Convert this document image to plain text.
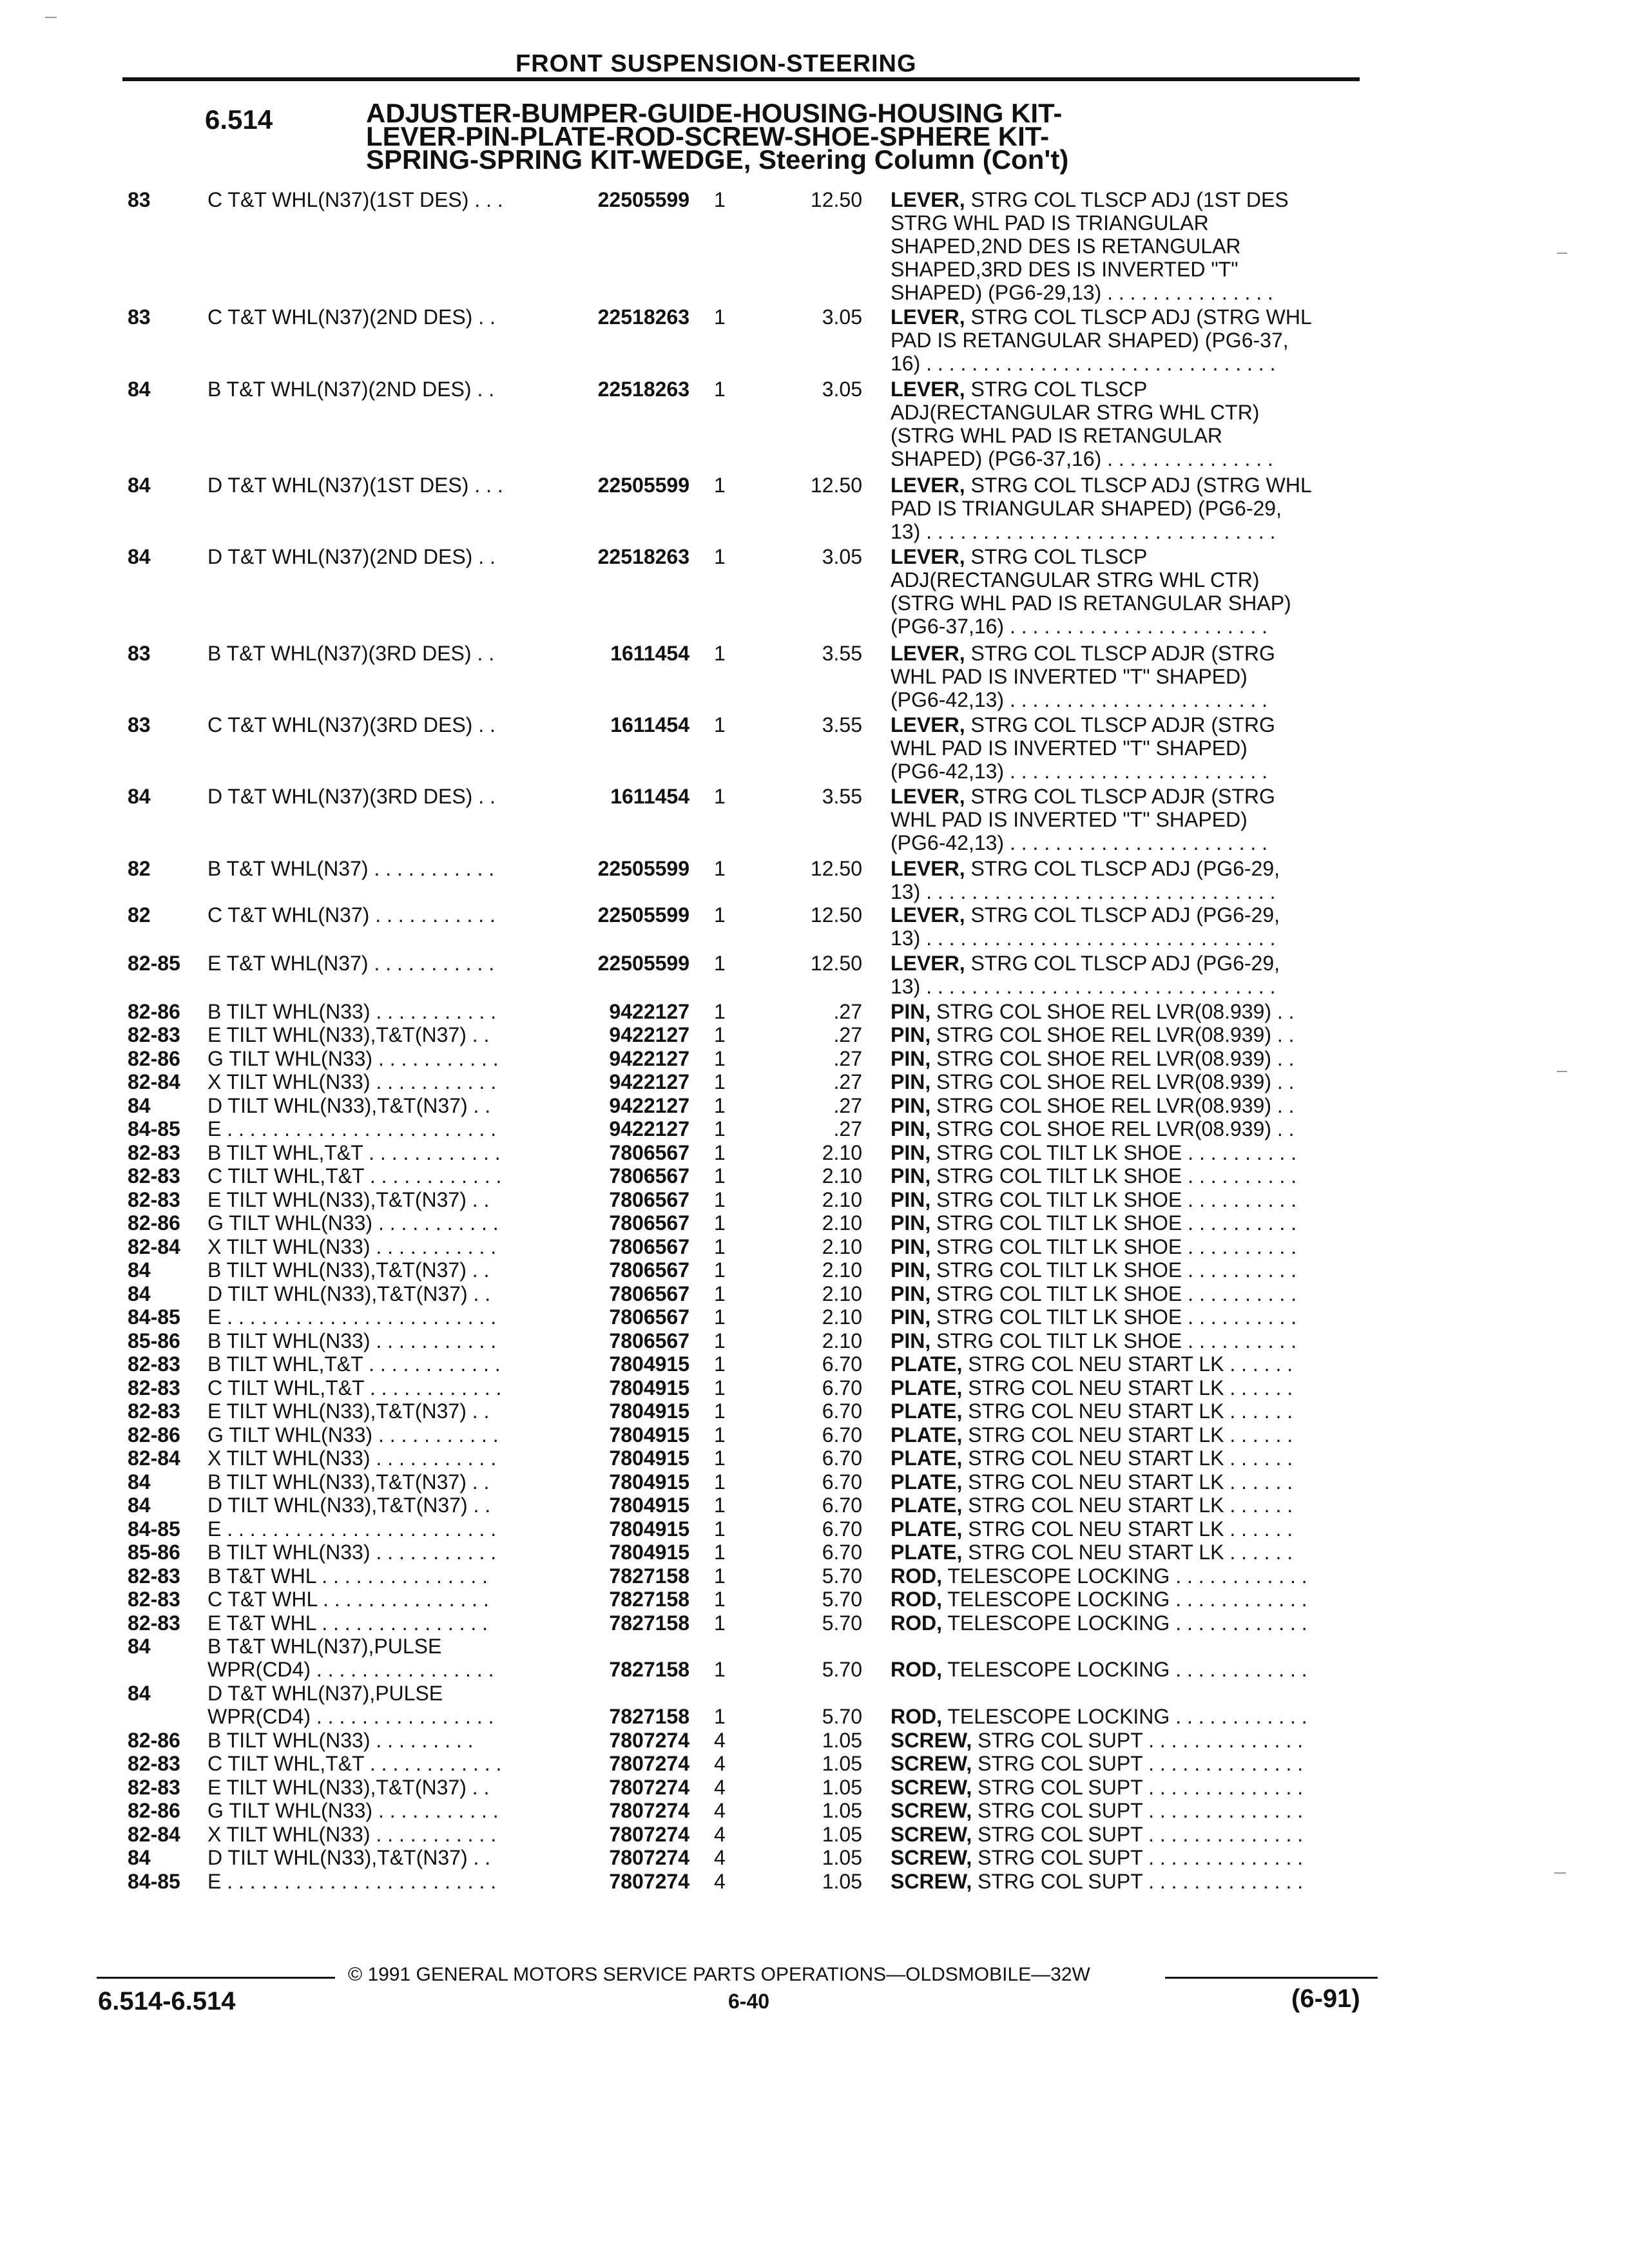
FRONT SUSPENSION-STEERING
6.514	ADJUSTER-BUMPER-GUIDE-HOUSING-HOUSING KIT-
LEVER-PIN-PLATE-ROD-SCREW-SHOE-SPHERE KIT-
SPRING-SPRING KIT-WEDGE, Steering Column (Con't)
83	C T&T WHL(N37)(1ST DES) . . .	22505599 1	12.50 LEVER, STRG COL TLSCP ADJ (1ST DES
STRG WHL PAD IS TRIANGULAR
SHAPED,2ND DES IS RETANGULAR
SHAPED,3RD DES IS INVERTED "T"
SHAPED) (PG6-29,13) . . . . . . . . . . . . . . .
83	C T&T WHL(N37)(2ND DES) . .	22518263 1	3.05 LEVER, STRG COL TLSCP ADJ (STRG WHL
PAD IS RETANGULAR SHAPED) (PG6-37,
16) . . . . . . . . . . . . . . . . . . . . . . . . . . . . . . .
84	B T&T WHL(N37)(2ND DES) . .	22518263 1	3.05 LEVER, STRG COL TLSCP
ADJ(RECTANGULAR STRG WHL CTR)
(STRG WHL PAD IS RETANGULAR
SHAPED) (PG6-37,16) . . . . . . . . . . . . . . .
84	D T&T WHL(N37)(1ST DES) . . .	22505599 1	12.50 LEVER, STRG COL TLSCP ADJ (STRG WHL
PAD IS TRIANGULAR SHAPED) (PG6-29,
13) . . . . . . . . . . . . . . . . . . . . . . . . . . . . . . .
84	D T&T WHL(N37)(2ND DES) . .	22518263 1	3.05 LEVER, STRG COL TLSCP
ADJ(RECTANGULAR STRG WHL CTR)
(STRG WHL PAD IS RETANGULAR SHAP)
(PG6-37,16) . . . . . . . . . . . . . . . . . . . . . . .
83	B T&T WHL(N37)(3RD DES) . .	1611454 1	3.55 LEVER, STRG COL TLSCP ADJR (STRG
WHL PAD IS INVERTED "T" SHAPED)
(PG6-42,13) . . . . . . . . . . . . . . . . . . . . . . .
83	C T&T WHL(N37)(3RD DES) . .	1611454 1	3.55 LEVER, STRG COL TLSCP ADJR (STRG
WHL PAD IS INVERTED "T" SHAPED)
(PG6-42,13) . . . . . . . . . . . . . . . . . . . . . . .
84	D T&T WHL(N37)(3RD DES) . .	1611454 1	3.55 LEVER, STRG COL TLSCP ADJR (STRG
WHL PAD IS INVERTED "T" SHAPED)
(PG6-42,13) . . . . . . . . . . . . . . . . . . . . . . .
82	B T&T WHL(N37) . . . . . . . . . . .	22505599 1	12.50 LEVER, STRG COL TLSCP ADJ (PG6-29,
13) . . . . . . . . . . . . . . . . . . . . . . . . . . . . . . .
82	C T&T WHL(N37) . . . . . . . . . . .	22505599 1	12.50 LEVER, STRG COL TLSCP ADJ (PG6-29,
13) . . . . . . . . . . . . . . . . . . . . . . . . . . . . . . .
82-85 E T&T WHL(N37) . . . . . . . . . . .	22505599 1	12.50 LEVER, STRG COL TLSCP ADJ (PG6-29,
13) . . . . . . . . . . . . . . . . . . . . . . . . . . . . . . .
82-86 B TILT WHL(N33) . . . . . . . . . . .	9422127 1	.27 PIN, STRG COL SHOE REL LVR(08.939) . .
82-83 E TILT WHL(N33),T&T(N37) . .	9422127 1	.27 PIN, STRG COL SHOE REL LVR(08.939) . .
82-86 G TILT WHL(N33) . . . . . . . . . . .	9422127 1	.27 PIN, STRG COL SHOE REL LVR(08.939) . .
82-84 X TILT WHL(N33) . . . . . . . . . . .	9422127 1	.27 PIN, STRG COL SHOE REL LVR(08.939) . .
84	D TILT WHL(N33),T&T(N37) . .	9422127 1	.27 PIN, STRG COL SHOE REL LVR(08.939) . .
84-85 E . . . . . . . . . . . . . . . . . . . . . . . .	9422127 1	.27 PIN, STRG COL SHOE REL LVR(08.939) . .
82-83 B TILT WHL,T&T . . . . . . . . . . . .	7806567 1	2.10 PIN, STRG COL TILT LK SHOE . . . . . . . . . .
82-83 C TILT WHL,T&T . . . . . . . . . . . .	7806567 1	2.10 PIN, STRG COL TILT LK SHOE . . . . . . . . . .
82-83 E TILT WHL(N33),T&T(N37) . .	7806567 1	2.10 PIN, STRG COL TILT LK SHOE . . . . . . . . . .
82-86 G TILT WHL(N33) . . . . . . . . . . .	7806567 1	2.10 PIN, STRG COL TILT LK SHOE . . . . . . . . . .
82-84 X TILT WHL(N33) . . . . . . . . . . .	7806567 1	2.10 PIN, STRG COL TILT LK SHOE . . . . . . . . . .
84	B TILT WHL(N33),T&T(N37) . .	7806567 1	2.10 PIN, STRG COL TILT LK SHOE . . . . . . . . . .
84	D TILT WHL(N33),T&T(N37) . .	7806567 1	2.10 PIN, STRG COL TILT LK SHOE . . . . . . . . . .
84-85 E . . . . . . . . . . . . . . . . . . . . . . . .	7806567 1	2.10 PIN, STRG COL TILT LK SHOE . . . . . . . . . .
85-86 B TILT WHL(N33) . . . . . . . . . . .	7806567 1	2.10 PIN, STRG COL TILT LK SHOE . . . . . . . . . .
82-83 B TILT WHL,T&T . . . . . . . . . . . .	7804915 1	6.70 PLATE, STRG COL NEU START LK . . . . . .
82-83 C TILT WHL,T&T . . . . . . . . . . . .	7804915 1	6.70 PLATE, STRG COL NEU START LK . . . . . .
82-83 E TILT WHL(N33),T&T(N37) . .	7804915 1	6.70 PLATE, STRG COL NEU START LK . . . . . .
82-86 G TILT WHL(N33) . . . . . . . . . . .	7804915 1	6.70 PLATE, STRG COL NEU START LK . . . . . .
82-84 X TILT WHL(N33) . . . . . . . . . . .	7804915 1	6.70 PLATE, STRG COL NEU START LK . . . . . .
84	B TILT WHL(N33),T&T(N37) . .	7804915 1	6.70 PLATE, STRG COL NEU START LK . . . . . .
84	D TILT WHL(N33),T&T(N37) . .	7804915 1	6.70 PLATE, STRG COL NEU START LK . . . . . .
84-85 E . . . . . . . . . . . . . . . . . . . . . . . .	7804915 1	6.70 PLATE, STRG COL NEU START LK . . . . . .
85-86 B TILT WHL(N33) . . . . . . . . . . .	7804915 1	6.70 PLATE, STRG COL NEU START LK . . . . . .
82-83 B T&T WHL . . . . . . . . . . . . . . .	7827158 1	5.70 ROD, TELESCOPE LOCKING . . . . . . . . . . . .
82-83 C T&T WHL . . . . . . . . . . . . . . .	7827158 1	5.70 ROD, TELESCOPE LOCKING . . . . . . . . . . . .
82-83 E T&T WHL . . . . . . . . . . . . . . .	7827158 1	5.70 ROD, TELESCOPE LOCKING . . . . . . . . . . . .
84	B T&T WHL(N37),PULSE
WPR(CD4) . . . . . . . . . . . . . . . .	7827158 1	5.70 ROD, TELESCOPE LOCKING . . . . . . . . . . . .
84	D T&T WHL(N37),PULSE
WPR(CD4) . . . . . . . . . . . . . . . .	7827158 1	5.70 ROD, TELESCOPE LOCKING . . . . . . . . . . . .
82-86 B TILT WHL(N33) . . . . . . . . .	7807274 4	1.05 SCREW, STRG COL SUPT . . . . . . . . . . . . . .
82-83 C TILT WHL,T&T . . . . . . . . . . . .	7807274 4	1.05 SCREW, STRG COL SUPT . . . . . . . . . . . . . .
82-83 E TILT WHL(N33),T&T(N37) . .	7807274 4	1.05 SCREW, STRG COL SUPT . . . . . . . . . . . . . .
82-86 G TILT WHL(N33) . . . . . . . . . . .	7807274 4	1.05 SCREW, STRG COL SUPT . . . . . . . . . . . . . .
82-84 X TILT WHL(N33) . . . . . . . . . . .	7807274 4	1.05 SCREW, STRG COL SUPT . . . . . . . . . . . . . .
84	D TILT WHL(N33),T&T(N37) . .	7807274 4	1.05 SCREW, STRG COL SUPT . . . . . . . . . . . . . .
84-85 E . . . . . . . . . . . . . . . . . . . . . . . .	7807274 4	1.05 SCREW, STRG COL SUPT . . . . . . . . . . . . . .
© 1991 GENERAL MOTORS SERVICE PARTS OPERATIONS—OLDSMOBILE—32W
6.514-6.514	6-40	(6-91)
